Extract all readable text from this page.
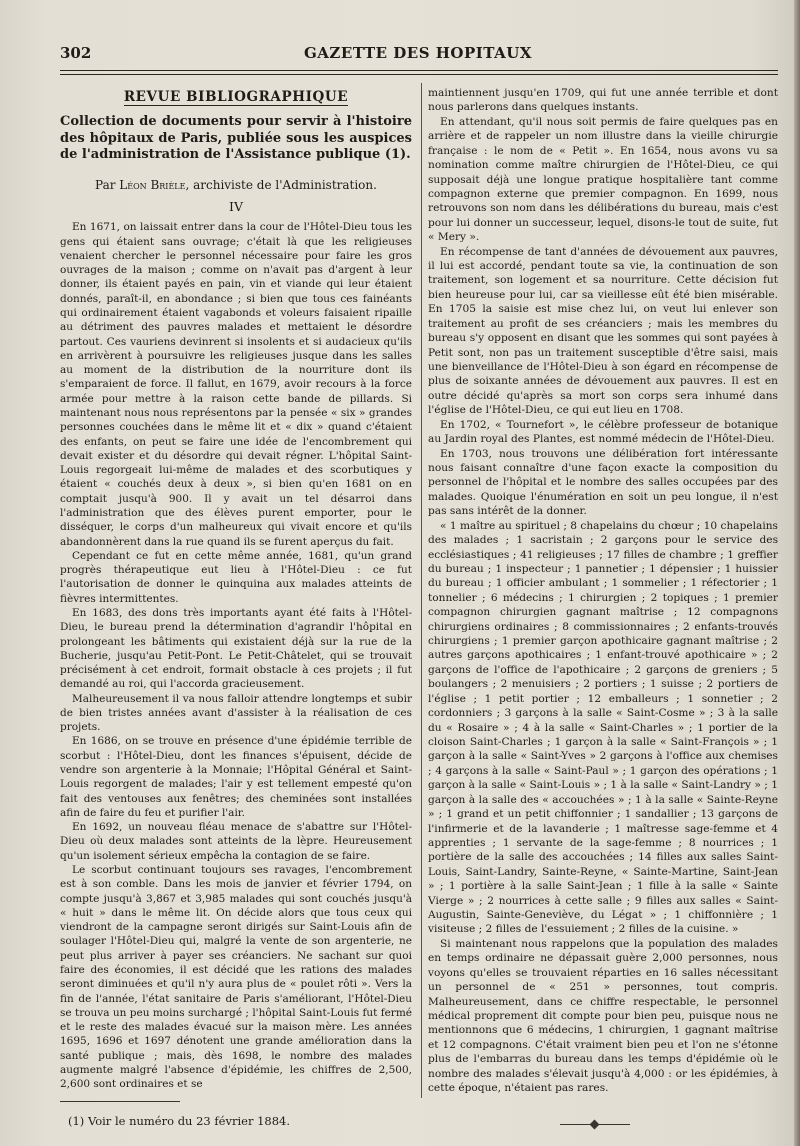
302	GAZETTE DES HOPITAUX
REVUE BIBLIOGRAPHIQUE

Collection de documents pour servir à l'histoire des hôpitaux de Paris, publiée sous les auspices de l'administration de l'Assistance publique (1).

Par Léon Brièle, archiviste de l'Administration.

IV

En 1671, on laissait entrer dans la cour de l'Hôtel-Dieu tous les gens qui étaient sans ouvrage; c'était là que les religieuses venaient chercher le personnel nécessaire pour faire les gros ouvrages de la maison ; comme on n'avait pas d'argent à leur donner, ils étaient payés en pain, vin et viande qui leur étaient donnés, paraît-il, en abondance ; si bien que tous ces fainéants qui ordinairement étaient vagabonds et voleurs faisaient ripaille au détriment des pauvres malades et mettaient le désordre partout. Ces vauriens devinrent si insolents et si audacieux qu'ils en arrivèrent à poursuivre les religieuses jusque dans les salles au moment de la distribution de la nourriture dont ils s'emparaient de force. Il fallut, en 1679, avoir recours à la force armée pour mettre à la raison cette bande de pillards. Si maintenant nous nous représentons par la pensée « six » grandes personnes couchées dans le même lit et « dix » quand c'étaient des enfants, on peut se faire une idée de l'encombrement qui devait exister et du désordre qui devait régner. L'hôpital Saint-Louis regorgeait lui-même de malades et des scorbutiques y étaient « couchés deux à deux », si bien qu'en 1681 on en comptait jusqu'à 900. Il y avait un tel désarroi dans l'administration que des élèves purent emporter, pour le disséquer, le corps d'un malheureux qui vivait encore et qu'ils abandonnèrent dans la rue quand ils se furent aperçus du fait.

Cependant ce fut en cette même année, 1681, qu'un grand progrès thérapeutique eut lieu à l'Hôtel-Dieu : ce fut l'autorisation de donner le quinquina aux malades atteints de fièvres intermittentes.

En 1683, des dons très importants ayant été faits à l'Hôtel-Dieu, le bureau prend la détermination d'agrandir l'hôpital en prolongeant les bâtiments qui existaient déjà sur la rue de la Bucherie, jusqu'au Petit-Pont. Le Petit-Châtelet, qui se trouvait précisément à cet endroit, formait obstacle à ces projets ; il fut demandé au roi, qui l'accorda gracieusement.

Malheureusement il va nous falloir attendre longtemps et subir de bien tristes années avant d'assister à la réalisation de ces projets.

En 1686, on se trouve en présence d'une épidémie terrible de scorbut : l'Hôtel-Dieu, dont les finances s'épuisent, décide de vendre son argenterie à la Monnaie; l'Hôpital Général et Saint-Louis regorgent de malades; l'air y est tellement empesté qu'on fait des ventouses aux fenêtres; des cheminées sont installées afin de faire du feu et purifier l'air.

En 1692, un nouveau fléau menace de s'abattre sur l'Hôtel-Dieu où deux malades sont atteints de la lèpre. Heureusement qu'un isolement sérieux empêcha la contagion de se faire.

Le scorbut continuant toujours ses ravages, l'encombrement est à son comble. Dans les mois de janvier et février 1794, on compte jusqu'à 3,867 et 3,985 malades qui sont couchés jusqu'à « huit » dans le même lit. On décide alors que tous ceux qui viendront de la campagne seront dirigés sur Saint-Louis afin de soulager l'Hôtel-Dieu qui, malgré la vente de son argenterie, ne peut plus arriver à payer ses créanciers. Ne sachant sur quoi faire des économies, il est décidé que les rations des malades seront diminuées et qu'il n'y aura plus de « poulet rôti ». Vers la fin de l'année, l'état sanitaire de Paris s'améliorant, l'Hôtel-Dieu se trouva un peu moins surchargé ; l'hôpital Saint-Louis fut fermé et le reste des malades évacué sur la maison mère. Les années 1695, 1696 et 1697 dénotent une grande amélioration dans la santé publique ; mais, dès 1698, le nombre des malades augmente malgré l'absence d'épidémie, les chiffres de 2,500, 2,600 sont ordinaires et se

maintiennent jusqu'en 1709, qui fut une année terrible et dont nous parlerons dans quelques instants.

En attendant, qu'il nous soit permis de faire quelques pas en arrière et de rappeler un nom illustre dans la vieille chirurgie française : le nom de « Petit ». En 1654, nous avons vu sa nomination comme maître chirurgien de l'Hôtel-Dieu, ce qui supposait déjà une longue pratique hospitalière tant comme compagnon externe que premier compagnon. En 1699, nous retrouvons son nom dans les délibérations du bureau, mais c'est pour lui donner un successeur, lequel, disons-le tout de suite, fut « Mery ».

En récompense de tant d'années de dévouement aux pauvres, il lui est accordé, pendant toute sa vie, la continuation de son traitement, son logement et sa nourriture. Cette décision fut bien heureuse pour lui, car sa vieillesse eût été bien misérable. En 1705 la saisie est mise chez lui, on veut lui enlever son traitement au profit de ses créanciers ; mais les membres du bureau s'y opposent en disant que les sommes qui sont payées à Petit sont, non pas un traitement susceptible d'être saisi, mais une bienveillance de l'Hôtel-Dieu à son égard en récompense de plus de soixante années de dévouement aux pauvres. Il est en outre décidé qu'après sa mort son corps sera inhumé dans l'église de l'Hôtel-Dieu, ce qui eut lieu en 1708.

En 1702, « Tournefort », le célèbre professeur de botanique au Jardin royal des Plantes, est nommé médecin de l'Hôtel-Dieu.

En 1703, nous trouvons une délibération fort intéressante nous faisant connaître d'une façon exacte la composition du personnel de l'hôpital et le nombre des salles occupées par des malades. Quoique l'énumération en soit un peu longue, il n'est pas sans intérêt de la donner.

« 1 maître au spirituel ; 8 chapelains du chœur ; 10 chapelains des malades ; 1 sacristain ; 2 garçons pour le service des ecclésiastiques ; 41 religieuses ; 17 filles de chambre ; 1 greffier du bureau ; 1 inspecteur ; 1 pannetier ; 1 dépensier ; 1 huissier du bureau ; 1 officier ambulant ; 1 sommelier ; 1 réfectorier ; 1 tonnelier ; 6 médecins ; 1 chirurgien ; 2 topiques ; 1 premier compagnon chirurgien gagnant maîtrise ; 12 compagnons chirurgiens ordinaires ; 8 commissionnaires ; 2 enfants-trouvés chirurgiens ; 1 premier garçon apothicaire gagnant maîtrise ; 2 autres garçons apothicaires ; 1 enfant-trouvé apothicaire » ; 2 garçons de l'office de l'apothicaire ; 2 garçons de greniers ; 5 boulangers ; 2 menuisiers ; 2 portiers ; 1 suisse ; 2 portiers de l'église ; 1 petit portier ; 12 emballeurs ; 1 sonnetier ; 2 cordonniers ; 3 garçons à la salle « Saint-Cosme » ; 3 à la salle du « Rosaire » ; 4 à la salle « Saint-Charles » ; 1 portier de la cloison Saint-Charles ; 1 garçon à la salle « Saint-François » ; 1 garçon à la salle « Saint-Yves » 2 garçons à l'office aux chemises ; 4 garçons à la salle « Saint-Paul » ; 1 garçon des opérations ; 1 garçon à la salle « Saint-Louis » ; 1 à la salle « Saint-Landry » ; 1 garçon à la salle des « accouchées » ; 1 à la salle « Sainte-Reyne » ; 1 grand et un petit chiffonnier ; 1 sandallier ; 13 garçons de l'infirmerie et de la lavanderie ; 1 maîtresse sage-femme et 4 apprenties ; 1 servante de la sage-femme ; 8 nourrices ; 1 portière de la salle des accouchées ; 14 filles aux salles Saint-Louis, Saint-Landry, Sainte-Reyne, « Sainte-Martine, Saint-Jean » ; 1 portière à la salle Saint-Jean ; 1 fille à la salle « Sainte Vierge » ; 2 nourrices à cette salle ; 9 filles aux salles « Saint-Augustin, Sainte-Geneviève, du Légat » ; 1 chiffonnière ; 1 visiteuse ; 2 filles de l'essuiement ; 2 filles de la cuisine. »

Si maintenant nous rappelons que la population des malades en temps ordinaire ne dépassait guère 2,000 personnes, nous voyons qu'elles se trouvaient réparties en 16 salles nécessitant un personnel de « 251 » personnes, tout compris. Malheureusement, dans ce chiffre respectable, le personnel médical proprement dit compte pour bien peu, puisque nous ne mentionnons que 6 médecins, 1 chirurgien, 1 gagnant maîtrise et 12 compagnons. C'était vraiment bien peu et l'on ne s'étonne plus de l'embarras du bureau dans les temps d'épidémie où le nombre des malades s'élevait jusqu'à 4,000 : or les épidémies, à cette époque, n'étaient pas rares.

(1) Voir le numéro du 23 février 1884.
